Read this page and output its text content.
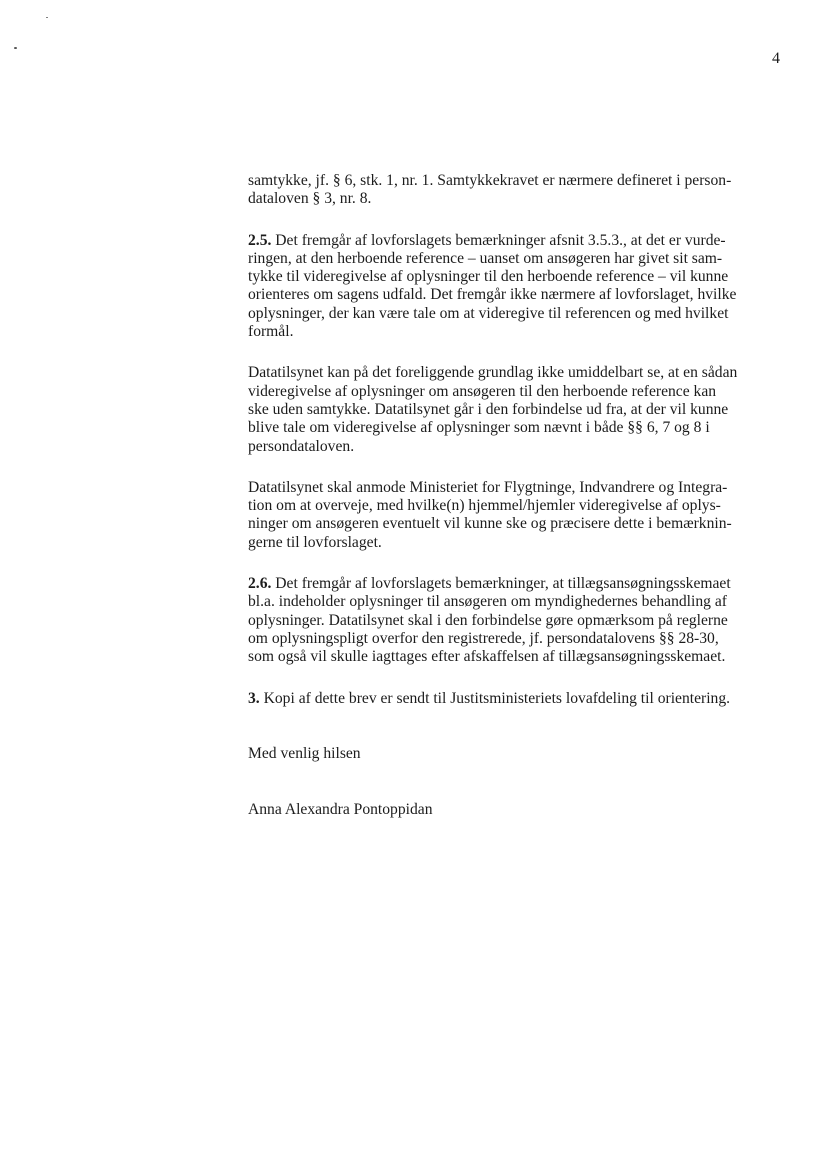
4

samtykke, jf. § 6, stk. 1, nr. 1. Samtykkekravet er nærmere defineret i person-
dataloven § 3, nr. 8.

2.5. Det fremgår af lovforslagets bemærkninger afsnit 3.5.3., at det er vurde-
ringen, at den herboende reference – uanset om ansøgeren har givet sit sam-
tykke til videregivelse af oplysninger til den herboende reference – vil kunne
orienteres om sagens udfald. Det fremgår ikke nærmere af lovforslaget, hvilke
oplysninger, der kan være tale om at videregive til referencen og med hvilket
formål.

Datatilsynet kan på det foreliggende grundlag ikke umiddelbart se, at en sådan
videregivelse af oplysninger om ansøgeren til den herboende reference kan
ske uden samtykke. Datatilsynet går i den forbindelse ud fra, at der vil kunne
blive tale om videregivelse af oplysninger som nævnt i både §§ 6, 7 og 8 i
persondataloven.

Datatilsynet skal anmode Ministeriet for Flygtninge, Indvandrere og Integra-
tion om at overveje, med hvilke(n) hjemmel/hjemler videregivelse af oplys-
ninger om ansøgeren eventuelt vil kunne ske og præcisere dette i bemærknin-
gerne til lovforslaget.

2.6. Det fremgår af lovforslagets bemærkninger, at tillægsansøgningsskemaet
bl.a. indeholder oplysninger til ansøgeren om myndighedernes behandling af
oplysninger. Datatilsynet skal i den forbindelse gøre opmærksom på reglerne
om oplysningspligt overfor den registrerede, jf. persondatalovens §§ 28-30,
som også vil skulle iagttages efter afskaffelsen af tillægsansøgningsskemaet.

3. Kopi af dette brev er sendt til Justitsministeriets lovafdeling til orientering.

Med venlig hilsen
Anna Alexandra Pontoppidan
